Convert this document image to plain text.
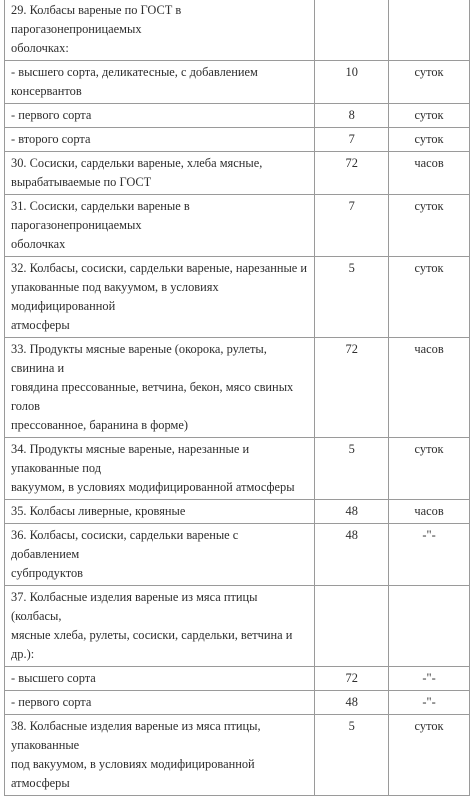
29. Колбасы вареные по ГОСТ в парогазонепроницаемых
оболочках:		
- высшего сорта, деликатесные, с добавлением консервантов	10	суток
- первого сорта	8	суток
- второго сорта	7	суток
30. Сосиски, сардельки вареные, хлеба мясные,
вырабатываемые по ГОСТ	72	часов
31. Сосиски, сардельки вареные в парогазонепроницаемых
оболочках	7	суток
32. Колбасы, сосиски, сардельки вареные, нарезанные и
упакованные под вакуумом, в условиях модифицированной
атмосферы	5	суток
33. Продукты мясные вареные (окорока, рулеты, свинина и
говядина прессованные, ветчина, бекон, мясо свиных голов
прессованное, баранина в форме)	72	часов
34. Продукты мясные вареные, нарезанные и упакованные под
вакуумом, в условиях модифицированной атмосферы	5	суток
35. Колбасы ливерные, кровяные	48	часов
36. Колбасы, сосиски, сардельки вареные с добавлением
субпродуктов	48	-"-
37. Колбасные изделия вареные из мяса птицы (колбасы,
мясные хлеба, рулеты, сосиски, сардельки, ветчина и др.):		
- высшего сорта	72	-"-
- первого сорта	48	-"-
38. Колбасные изделия вареные из мяса птицы, упакованные
под вакуумом, в условиях модифицированной атмосферы	5	суток
